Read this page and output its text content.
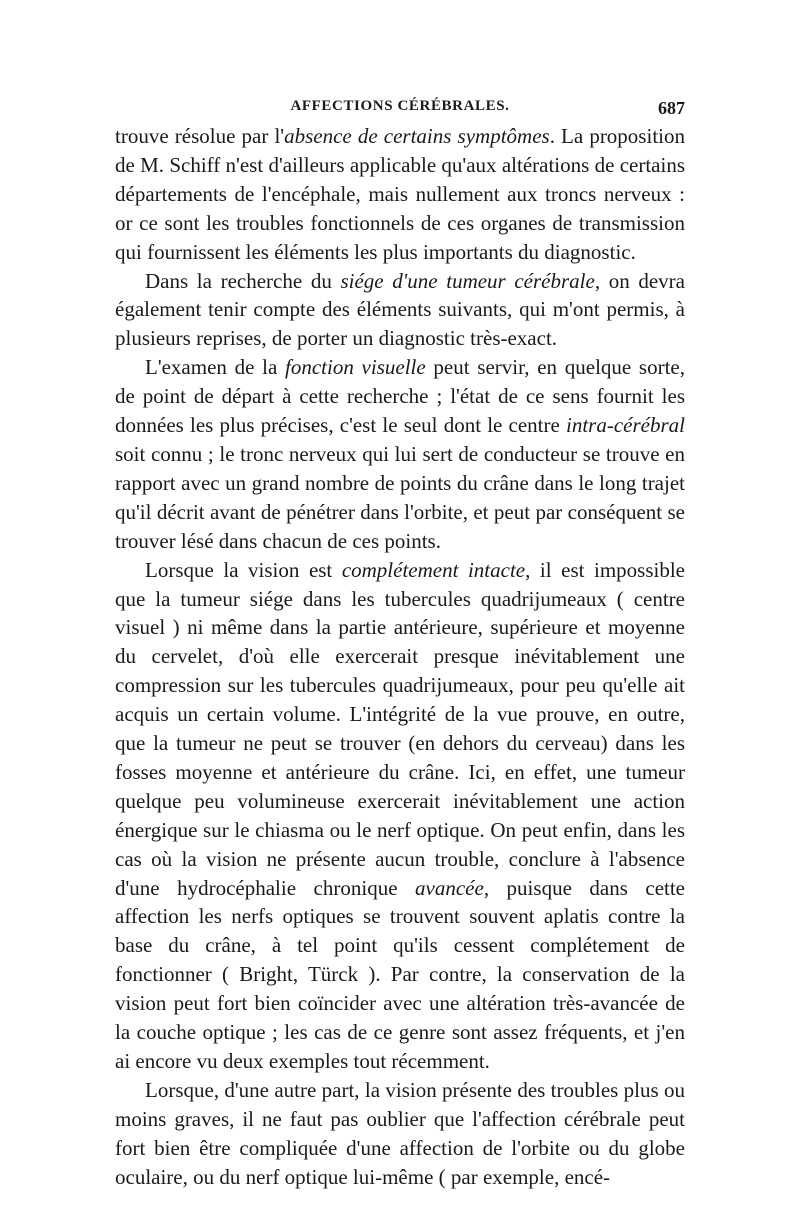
AFFECTIONS CÉRÉBRALES.	687

trouve résolue par l'absence de certains symptômes. La proposition de M. Schiff n'est d'ailleurs applicable qu'aux altérations de certains départements de l'encéphale, mais nullement aux troncs nerveux : or ce sont les troubles fonctionnels de ces organes de transmission qui fournissent les éléments les plus importants du diagnostic.

Dans la recherche du siége d'une tumeur cérébrale, on devra également tenir compte des éléments suivants, qui m'ont permis, à plusieurs reprises, de porter un diagnostic très-exact.

L'examen de la fonction visuelle peut servir, en quelque sorte, de point de départ à cette recherche ; l'état de ce sens fournit les données les plus précises, c'est le seul dont le centre intra-cérébral soit connu ; le tronc nerveux qui lui sert de conducteur se trouve en rapport avec un grand nombre de points du crâne dans le long trajet qu'il décrit avant de pénétrer dans l'orbite, et peut par conséquent se trouver lésé dans chacun de ces points.

Lorsque la vision est complétement intacte, il est impossible que la tumeur siége dans les tubercules quadrijumeaux ( centre visuel ) ni même dans la partie antérieure, supérieure et moyenne du cervelet, d'où elle exercerait presque inévitablement une compression sur les tubercules quadrijumeaux, pour peu qu'elle ait acquis un certain volume. L'intégrité de la vue prouve, en outre, que la tumeur ne peut se trouver (en dehors du cerveau) dans les fosses moyenne et antérieure du crâne. Ici, en effet, une tumeur quelque peu volumineuse exercerait inévitablement une action énergique sur le chiasma ou le nerf optique. On peut enfin, dans les cas où la vision ne présente aucun trouble, conclure à l'absence d'une hydrocéphalie chronique avancée, puisque dans cette affection les nerfs optiques se trouvent souvent aplatis contre la base du crâne, à tel point qu'ils cessent complétement de fonctionner ( Bright, Türck ). Par contre, la conservation de la vision peut fort bien coïncider avec une altération très-avancée de la couche optique ; les cas de ce genre sont assez fréquents, et j'en ai encore vu deux exemples tout récemment.

Lorsque, d'une autre part, la vision présente des troubles plus ou moins graves, il ne faut pas oublier que l'affection cérébrale peut fort bien être compliquée d'une affection de l'orbite ou du globe oculaire, ou du nerf optique lui-même ( par exemple, encé-
